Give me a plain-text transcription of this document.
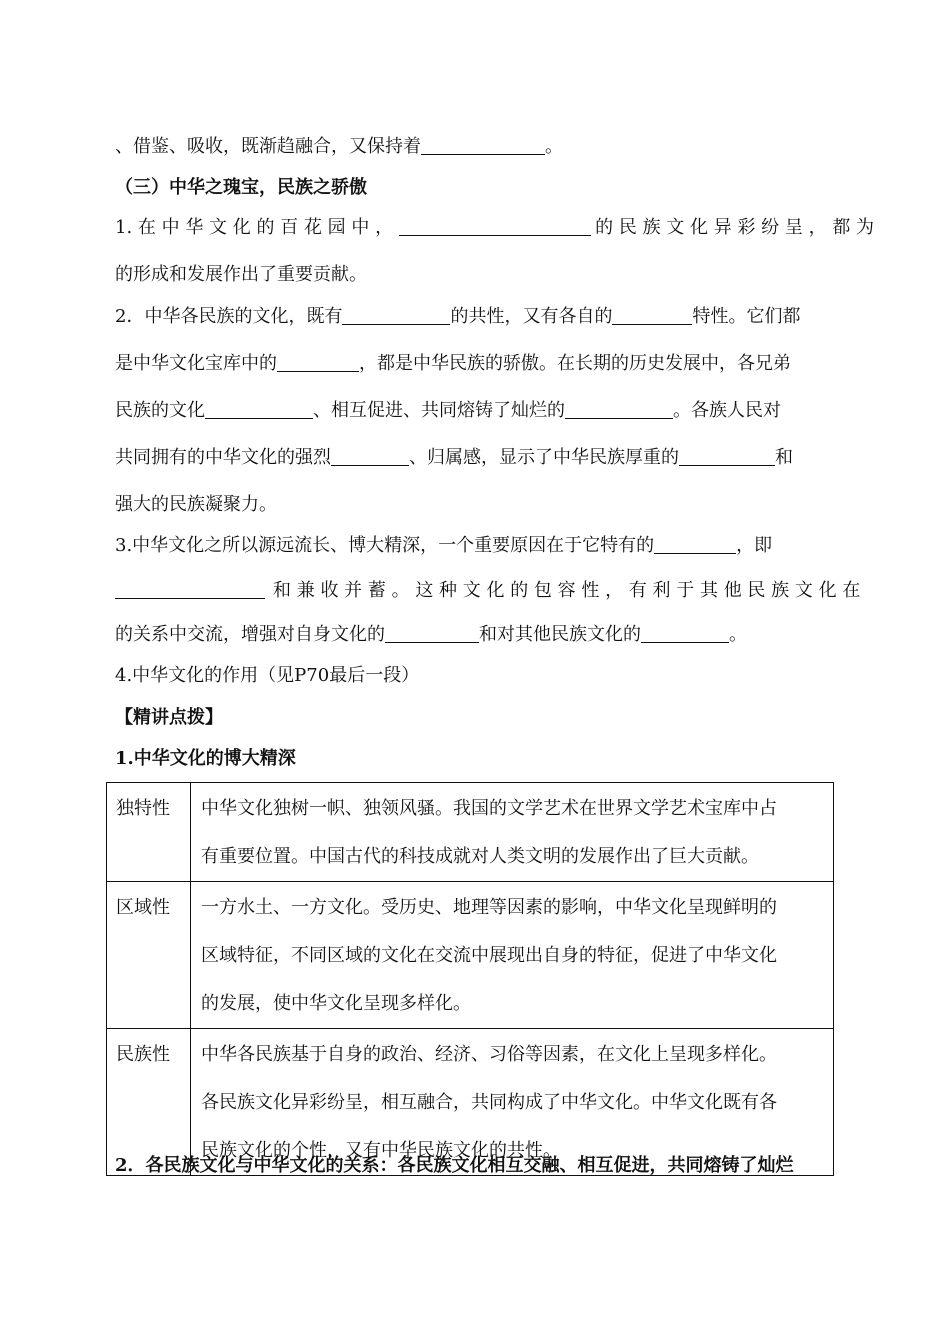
、借鉴、吸收，既渐趋融合，又保持着	。
（三）中华之瑰宝，民族之骄傲
1. 在 中 华 文 化 的 百 花 园 中 ，	的 民 族 文 化 异 彩 纷 呈 ， 都 为
的形成和发展作出了重要贡献。
2．中华各民族的文化，既有	的共性，又有各自的	特性。它们都
是中华文化宝库中的	，都是中华民族的骄傲。在长期的历史发展中，各兄弟
民族的文化	、相互促进、共同熔铸了灿烂的	。各族人民对
共同拥有的中华文化的强烈	、归属感，显示了中华民族厚重的	和
强大的民族凝聚力。
3.中华文化之所以源远流长、博大精深，一个重要原因在于它特有的	，即
和 兼 收 并 蓄 。 这 种 文 化 的 包 容 性 ， 有 利 于 其 他 民 族 文 化 在
的关系中交流，增强对自身文化的	和对其他民族文化的	。
4.中华文化的作用（见P70最后一段）
【精讲点拨】
1.中华文化的博大精深
独特性	中华文化独树一帜、独领风骚。我国的文学艺术在世界文学艺术宝库中占
有重要位置。中国古代的科技成就对人类文明的发展作出了巨大贡献。

区域性	一方水土、一方文化。受历史、地理等因素的影响，中华文化呈现鲜明的
区域特征，不同区域的文化在交流中展现出自身的特征，促进了中华文化
的发展，使中华文化呈现多样化。

民族性	中华各民族基于自身的政治、经济、习俗等因素，在文化上呈现多样化。
各民族文化异彩纷呈，相互融合，共同构成了中华文化。中华文化既有各
民族文化的个性，又有中华民族文化的共性。
2．各民族文化与中华文化的关系：各民族文化相互交融、相互促进，共同熔铸了灿烂
